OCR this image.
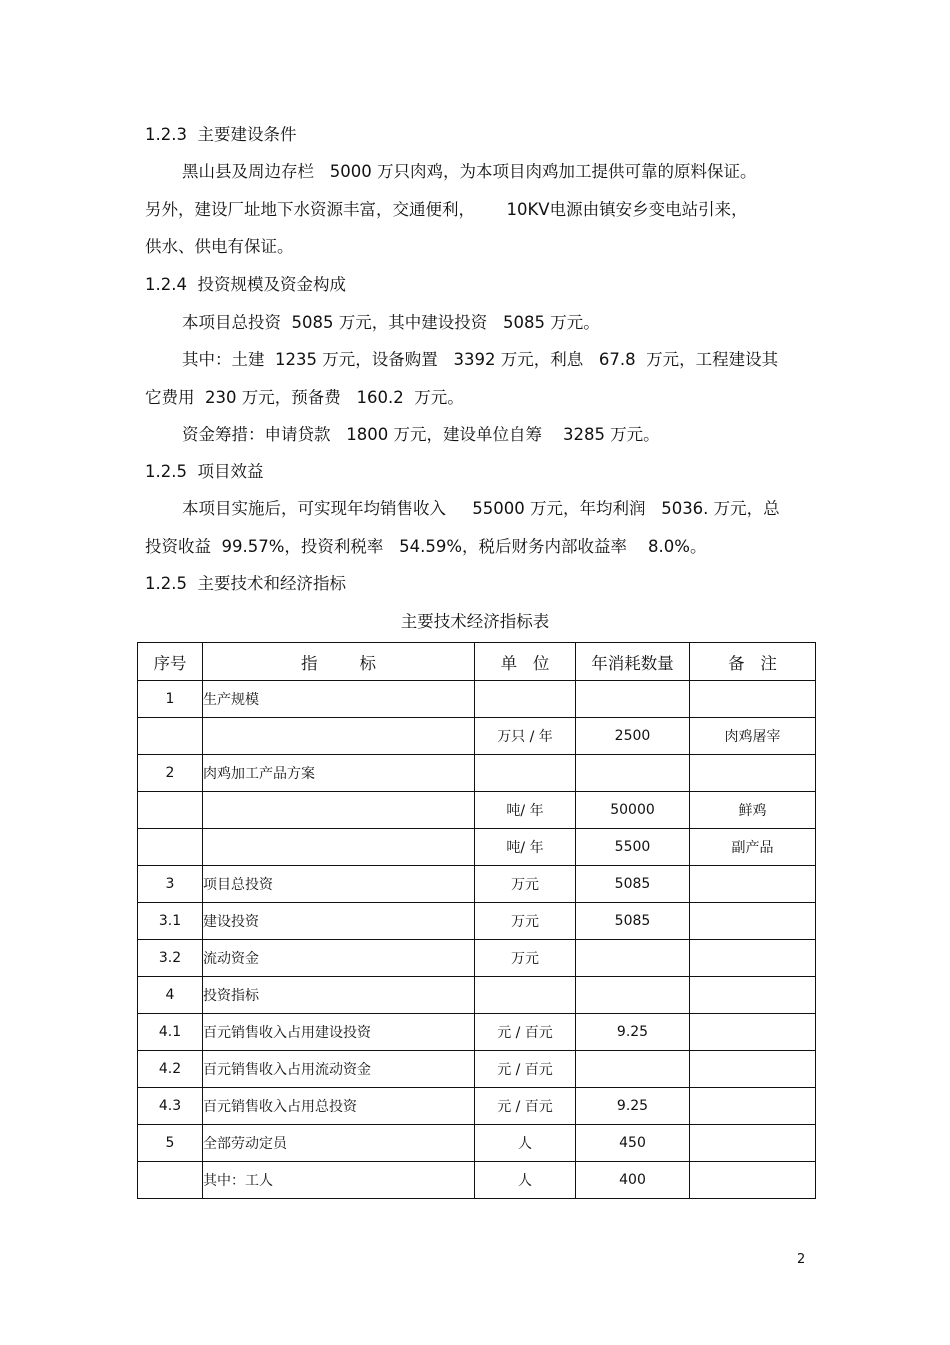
1.2.3  主要建设条件
黑山县及周边存栏   5000 万只肉鸡，为本项目肉鸡加工提供可靠的原料保证。
另外，建设厂址地下水资源丰富，交通便利，      10KV电源由镇安乡变电站引来，
供水、供电有保证。
1.2.4  投资规模及资金构成
本项目总投资  5085 万元，其中建设投资   5085 万元。
其中：土建  1235 万元，设备购置   3392 万元，利息   67.8  万元，工程建设其
它费用  230 万元，预备费   160.2  万元。
资金筹措：申请贷款   1800 万元，建设单位自筹    3285 万元。
1.2.5  项目效益
本项目实施后，可实现年均销售收入     55000 万元，年均利润   5036. 万元，总
投资收益  99.57%，投资利税率   54.59%，税后财务内部收益率    8.0%。
1.2.5  主要技术和经济指标
主要技术经济指标表
序号	指        标	单   位	年消耗数量	备   注
1	生产规模			
		万只 / 年	2500	肉鸡屠宰
2	肉鸡加工产品方案			
		吨/ 年	50000	鲜鸡
		吨/ 年	5500	副产品
3	项目总投资	万元	5085	
3.1	建设投资	万元	5085	
3.2	流动资金	万元		
4	投资指标			
4.1	百元销售收入占用建设投资	元 / 百元	9.25	
4.2	百元销售收入占用流动资金	元 / 百元		
4.3	百元销售收入占用总投资	元 / 百元	9.25	
5	全部劳动定员	人	450	
	其中：工人	人	400	
2
